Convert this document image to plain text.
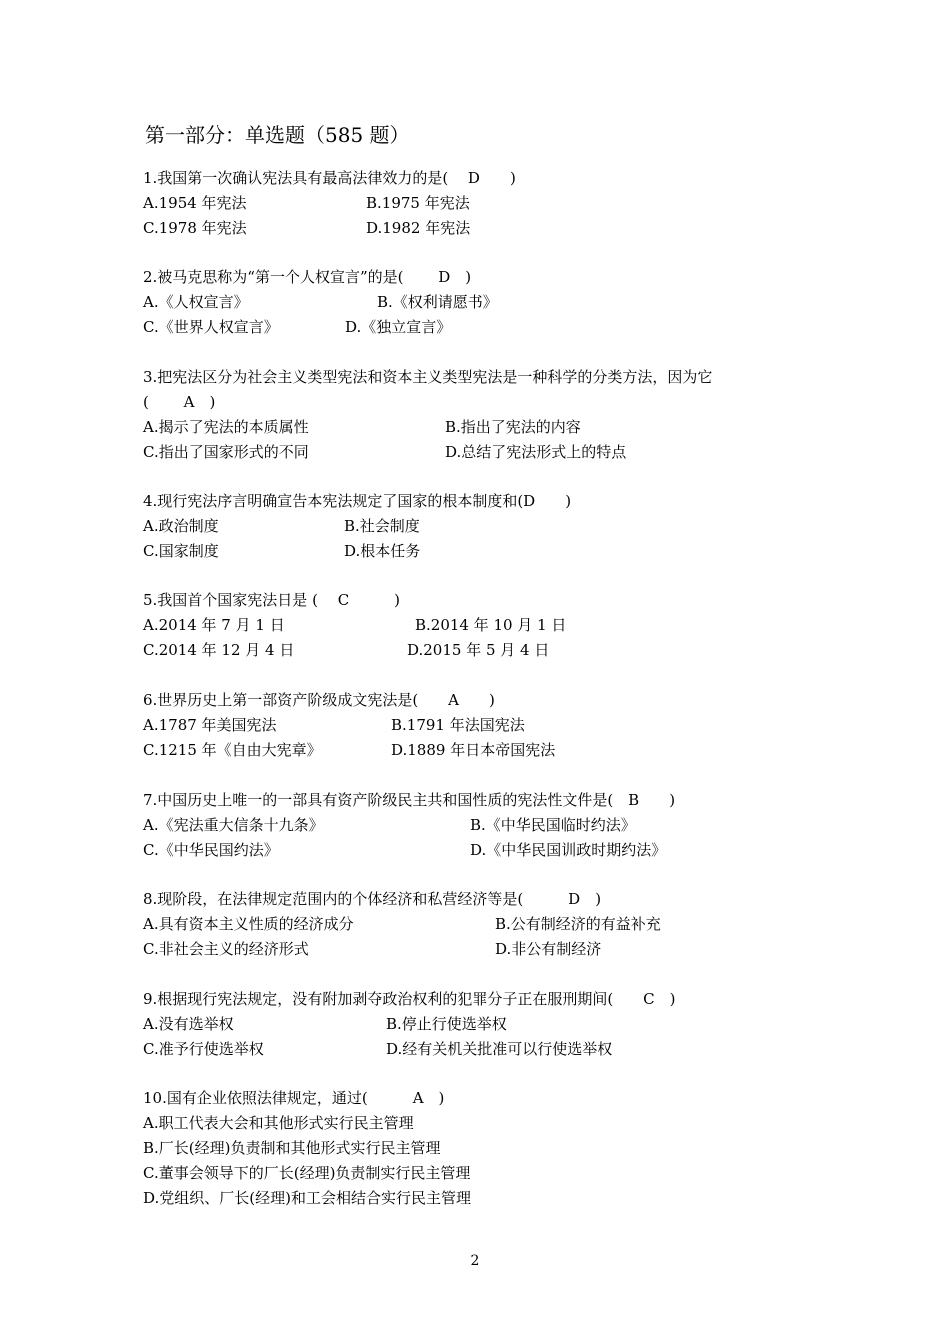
第一部分：单选题（585 题）
1.我国第一次确认宪法具有最高法律效力的是(　 D　　)

A.1954 年宪法

	B.1975 年宪法

C.1978 年宪法

	D.1982 年宪法

2.被马克思称为“第一个人权宣言”的是(　　 D　)

A.《人权宣言》

	B.《权利请愿书》

C.《世界人权宣言》

	D.《独立宣言》

3.把宪法区分为社会主义类型宪法和资本主义类型宪法是一种科学的分类方法，因为它
(　　 A　)

A.揭示了宪法的本质属性

	B.指出了宪法的内容

C.指出了国家形式的不同

	D.总结了宪法形式上的特点

4.现行宪法序言明确宣告本宪法规定了国家的根本制度和(D　　)

A.政治制度

	B.社会制度

C.国家制度

	D.根本任务

5.我国首个国家宪法日是 (　 C　　　)

A.2014 年 7 月 1 日

	B.2014 年 10 月 1 日

C.2014 年 12 月 4 日

	D.2015 年 5 月 4 日

6.世界历史上第一部资产阶级成文宪法是(　　A　　)

A.1787 年美国宪法

	B.1791 年法国宪法

C.1215 年《自由大宪章》

	D.1889 年日本帝国宪法

7.中国历史上唯一的一部具有资产阶级民主共和国性质的宪法性文件是(　B　　)

A.《宪法重大信条十九条》

	B.《中华民国临时约法》

C.《中华民国约法》

	D.《中华民国训政时期约法》

8.现阶段，在法律规定范围内的个体经济和私营经济等是(　　　D　)

A.具有资本主义性质的经济成分

	B.公有制经济的有益补充

C.非社会主义的经济形式

	D.非公有制经济

9.根据现行宪法规定，没有附加剥夺政治权利的犯罪分子正在服刑期间(　　C　)

A.没有选举权

	B.停止行使选举权

C.准予行使选举权

	D.经有关机关批准可以行使选举权

10.国有企业依照法律规定，通过(　　　A　)
A.职工代表大会和其他形式实行民主管理
B.厂长(经理)负责制和其他形式实行民主管理
C.董事会领导下的厂长(经理)负责制实行民主管理
D.党组织、厂长(经理)和工会相结合实行民主管理
2
